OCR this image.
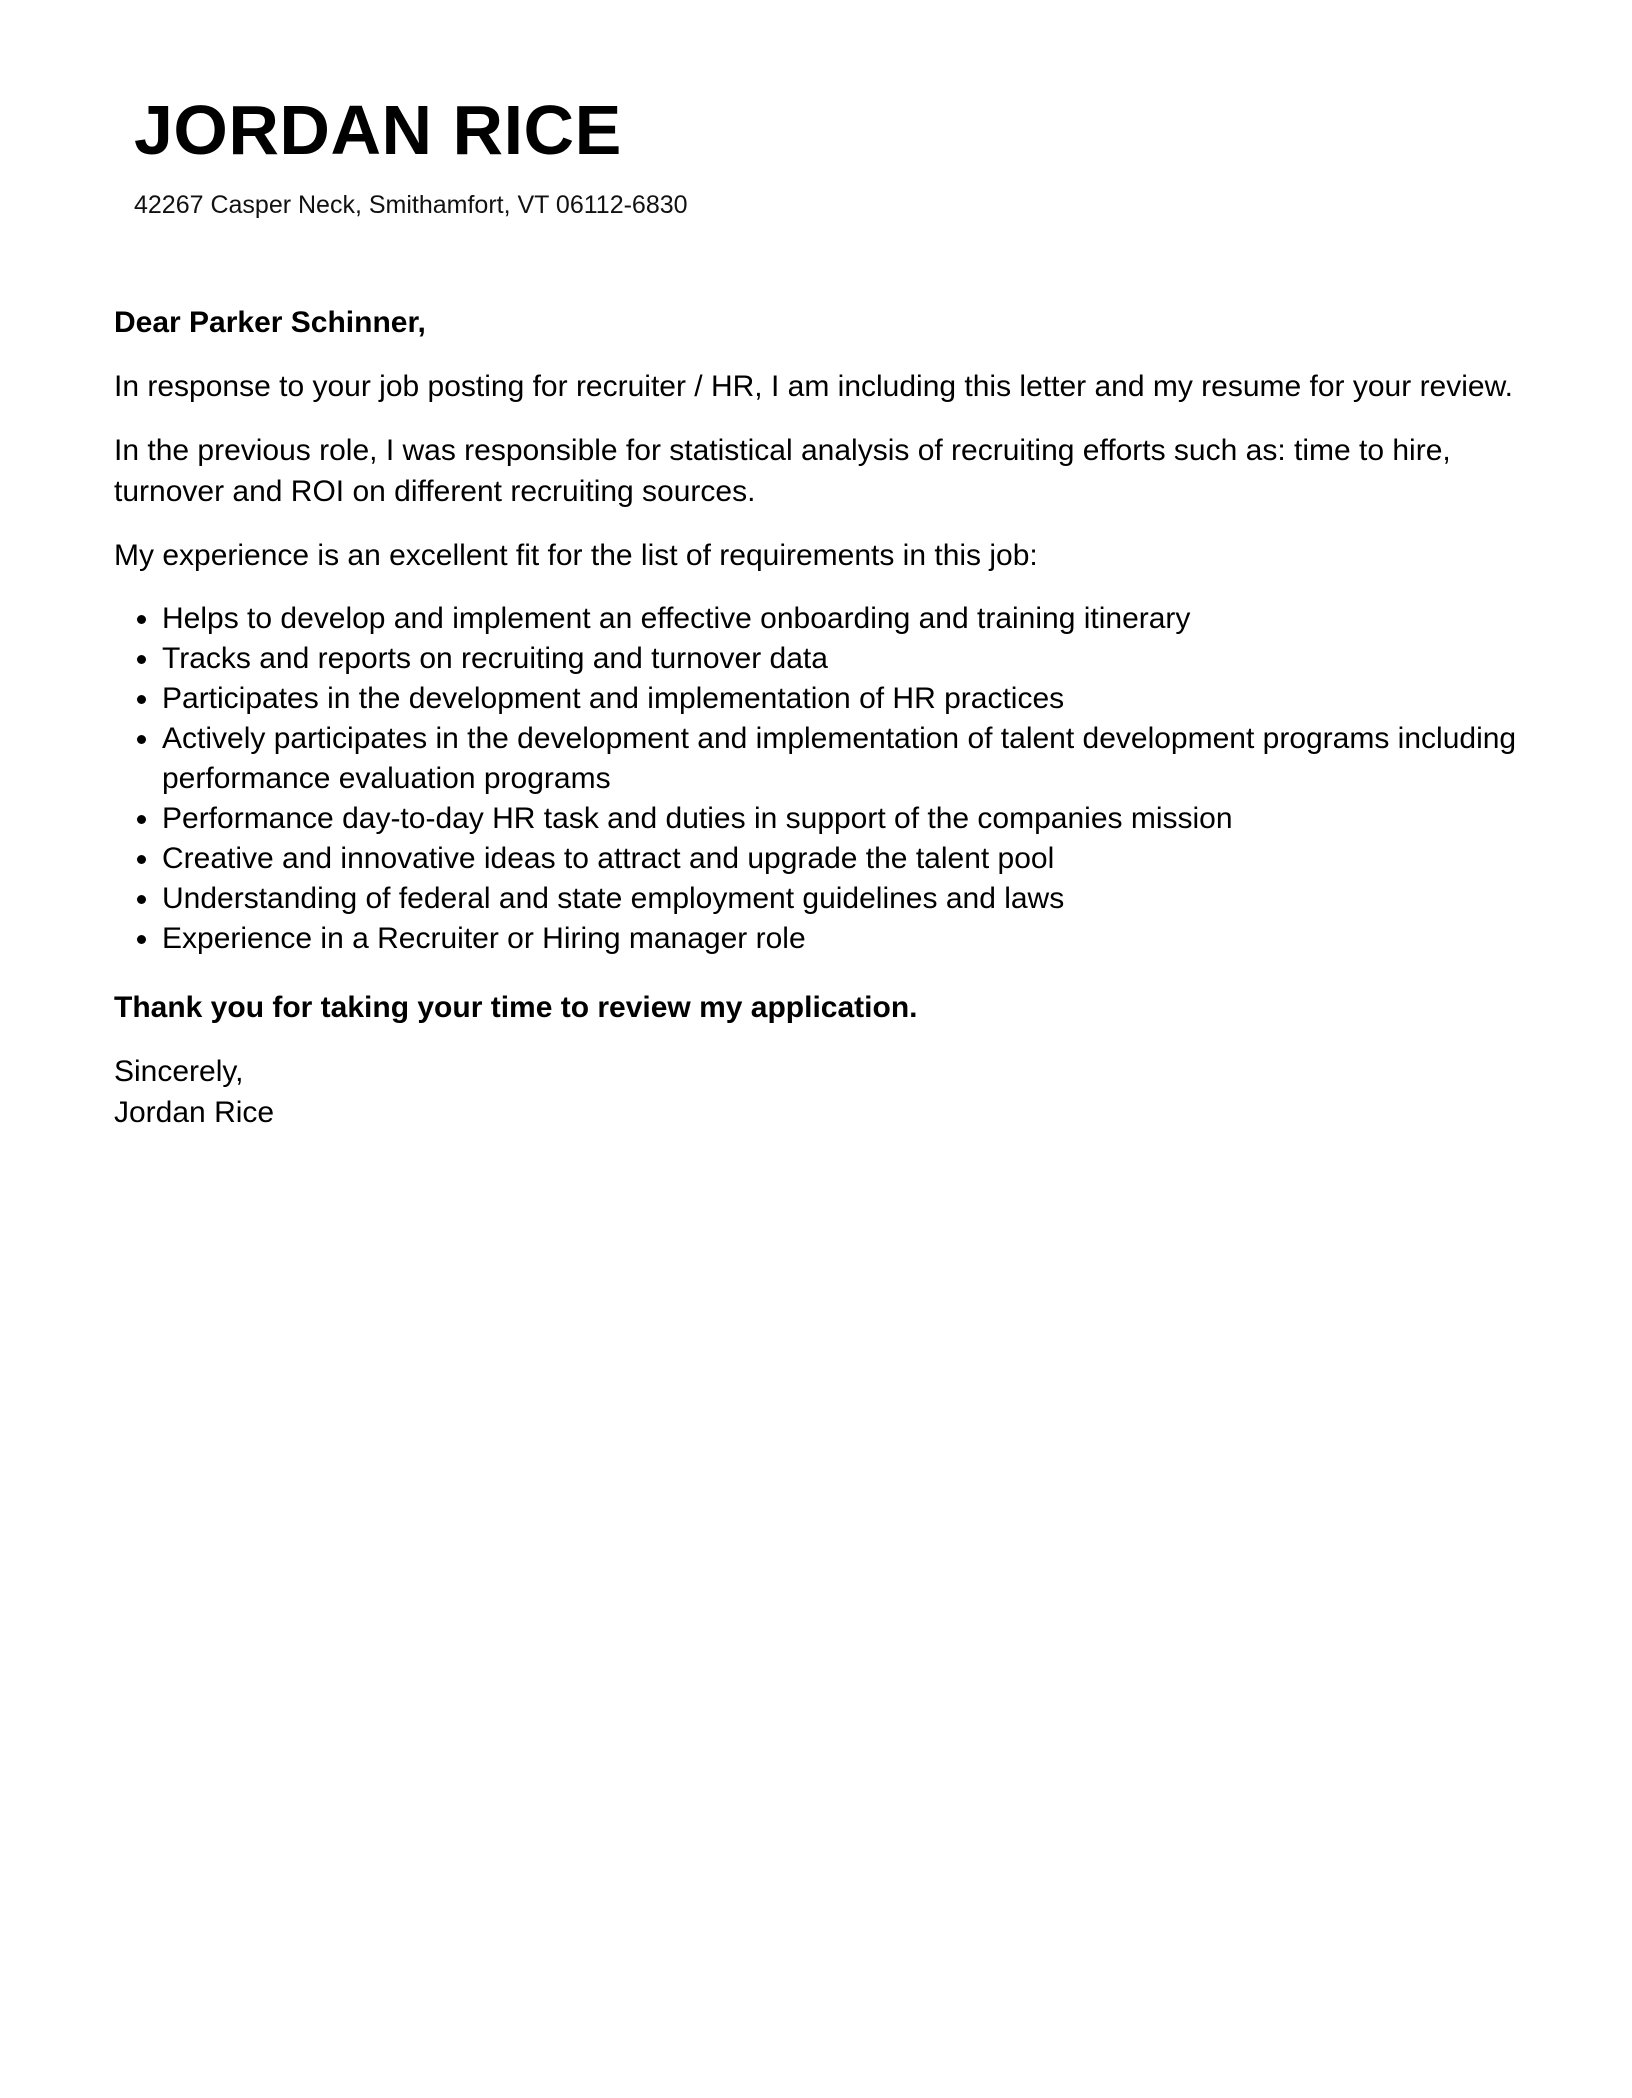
JORDAN RICE
42267 Casper Neck, Smithamfort, VT 06112-6830

Dear Parker Schinner,

In response to your job posting for recruiter / HR, I am including this letter and my resume for your review.

In the previous role, I was responsible for statistical analysis of recruiting efforts such as: time to hire, turnover and ROI on different recruiting sources.

My experience is an excellent fit for the list of requirements in this job:

Helps to develop and implement an effective onboarding and training itinerary
Tracks and reports on recruiting and turnover data
Participates in the development and implementation of HR practices
Actively participates in the development and implementation of talent development programs including performance evaluation programs
Performance day-to-day HR task and duties in support of the companies mission
Creative and innovative ideas to attract and upgrade the talent pool
Understanding of federal and state employment guidelines and laws
Experience in a Recruiter or Hiring manager role

Thank you for taking your time to review my application.

Sincerely,

Jordan Rice
